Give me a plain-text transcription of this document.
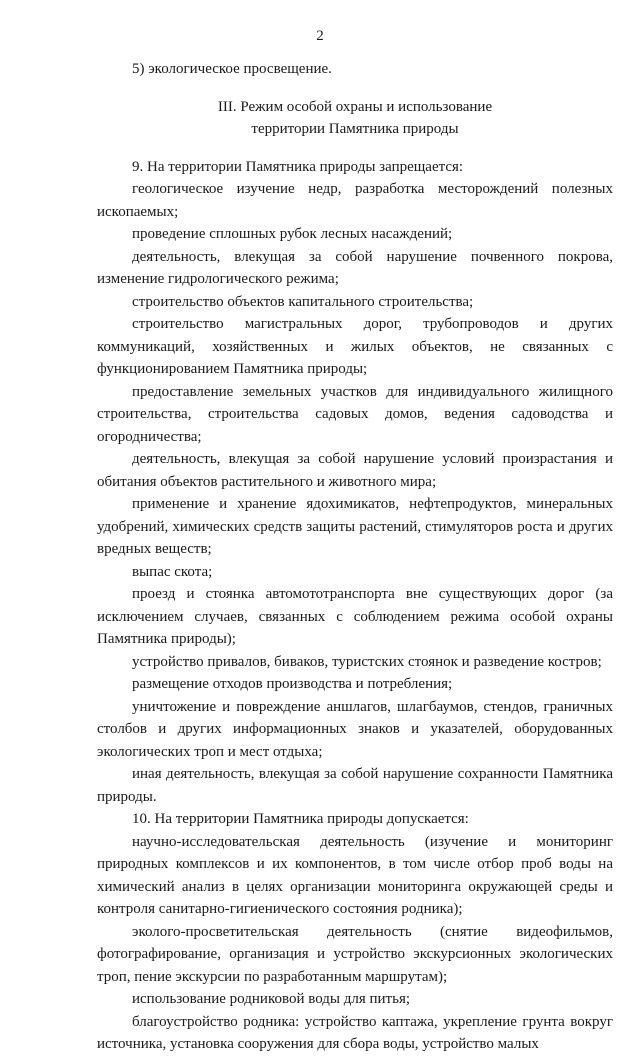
2

5) экологическое просвещение.

III. Режим особой охраны и использование
территории Памятника природы

9. На территории Памятника природы запрещается:

геологическое изучение недр, разработка месторождений полезных ископаемых;

проведение сплошных рубок лесных насаждений;

деятельность, влекущая за собой нарушение почвенного покрова, изменение гидрологического режима;

строительство объектов капитального строительства;

строительство магистральных дорог, трубопроводов и других коммуникаций, хозяйственных и жилых объектов, не связанных с функционированием Памятника природы;

предоставление земельных участков для индивидуального жилищного строительства, строительства садовых домов, ведения садоводства и огородничества;

деятельность, влекущая за собой нарушение условий произрастания и обитания объектов растительного и животного мира;

применение и хранение ядохимикатов, нефтепродуктов, минеральных удобрений, химических средств защиты растений, стимуляторов роста и других вредных веществ;

выпас скота;

проезд и стоянка автомототранспорта вне существующих дорог (за исключением случаев, связанных с соблюдением режима особой охраны Памятника природы);

устройство привалов, биваков, туристских стоянок и разведение костров;

размещение отходов производства и потребления;

уничтожение и повреждение аншлагов, шлагбаумов, стендов, граничных столбов и других информационных знаков и указателей, оборудованных экологических троп и мест отдыха;

иная деятельность, влекущая за собой нарушение сохранности Памятника природы.

10. На территории Памятника природы допускается:

научно-исследовательская деятельность (изучение и мониторинг природных комплексов и их компонентов, в том числе отбор проб воды на химический анализ в целях организации мониторинга окружающей среды и контроля санитарно-гигиенического состояния родника);

эколого-просветительская деятельность (снятие видеофильмов, фотографирование, организация и устройство экскурсионных экологических троп, пение экскурсии по разработанным маршрутам);

использование родниковой воды для питья;

благоустройство родника: устройство каптажа, укрепление грунта вокруг источника, установка сооружения для сбора воды, устройство малых
